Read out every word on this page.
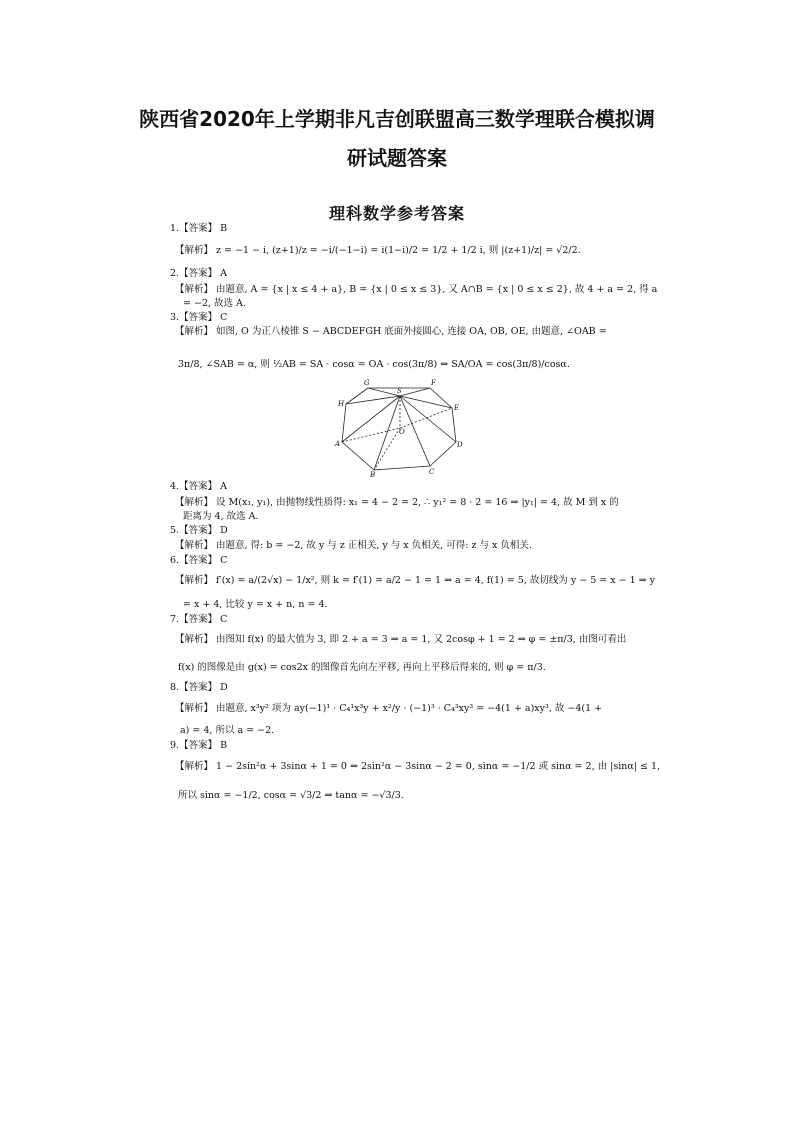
陕西省2020年上学期非凡吉创联盟高三数学理联合模拟调
研试题答案
理科数学参考答案
1.【答案】 B
【解析】 z = −1 − i, (z+1)/z = −i/(−1−i) = i(1−i)/2 = 1/2 + 1/2 i, 则 |(z+1)/z| = √2/2.
2.【答案】 A
【解析】 由题意, A = {x | x ≤ 4 + a}, B = {x | 0 ≤ x ≤ 3}, 又 A∩B = {x | 0 ≤ x ≤ 2}, 故 4 + a = 2, 得 a
= −2, 故选 A.
3.【答案】 C
【解析】 如图, O 为正八棱锥 S − ABCDEFGH 底面外接圆心, 连接 OA, OB, OE, 由题意, ∠OAB =
3π/8, ∠SAB = α, 则 ½AB = SA · cosα = OA · cos(3π/8) ⇒ SA/OA = cos(3π/8)/cosα.
4.【答案】 A
【解析】 设 M(x₁, y₁), 由抛物线性质得: x₁ = 4 − 2 = 2, ∴ y₁² = 8 · 2 = 16 ⇒ |y₁| = 4, 故 M 到 x 的
距离为 4, 故选 A.
5.【答案】 D
【解析】 由题意, 得: b = −2, 故 y 与 z 正相关, y 与 x 负相关, 可得: z 与 x 负相关.
6.【答案】 C
【解析】 f′(x) = a/(2√x) − 1/x², 则 k = f′(1) = a/2 − 1 = 1 ⇒ a = 4, f(1) = 5, 故切线为 y − 5 = x − 1 ⇒ y
= x + 4, 比较 y = x + n, n = 4.
7.【答案】 C
【解析】 由图知 f(x) 的最大值为 3, 即 2 + a = 3 ⇒ a = 1, 又 2cosφ + 1 = 2 ⇒ φ = ±π/3, 由图可看出
f(x) 的图像是由 g(x) = cos2x 的图像首先向左平移, 再向上平移后得来的, 则 φ = π/3.
8.【答案】 D
【解析】 由题意, x³y² 项为 ay(−1)¹ · C₄¹x³y + x²/y · (−1)³ · C₄³xy³ = −4(1 + a)xy³, 故 −4(1 +
a) = 4, 所以 a = −2.
9.【答案】 B
【解析】 1 − 2sin²α + 3sinα + 1 = 0 ⇒ 2sin²α − 3sinα − 2 = 0, sinα = −1/2 或 sinα = 2, 由 |sinα| ≤ 1,
所以 sinα = −1/2, cosα = √3/2 ⇒ tanα = −√3/3.
S
G	F
H	E
O
A	D
B	C
